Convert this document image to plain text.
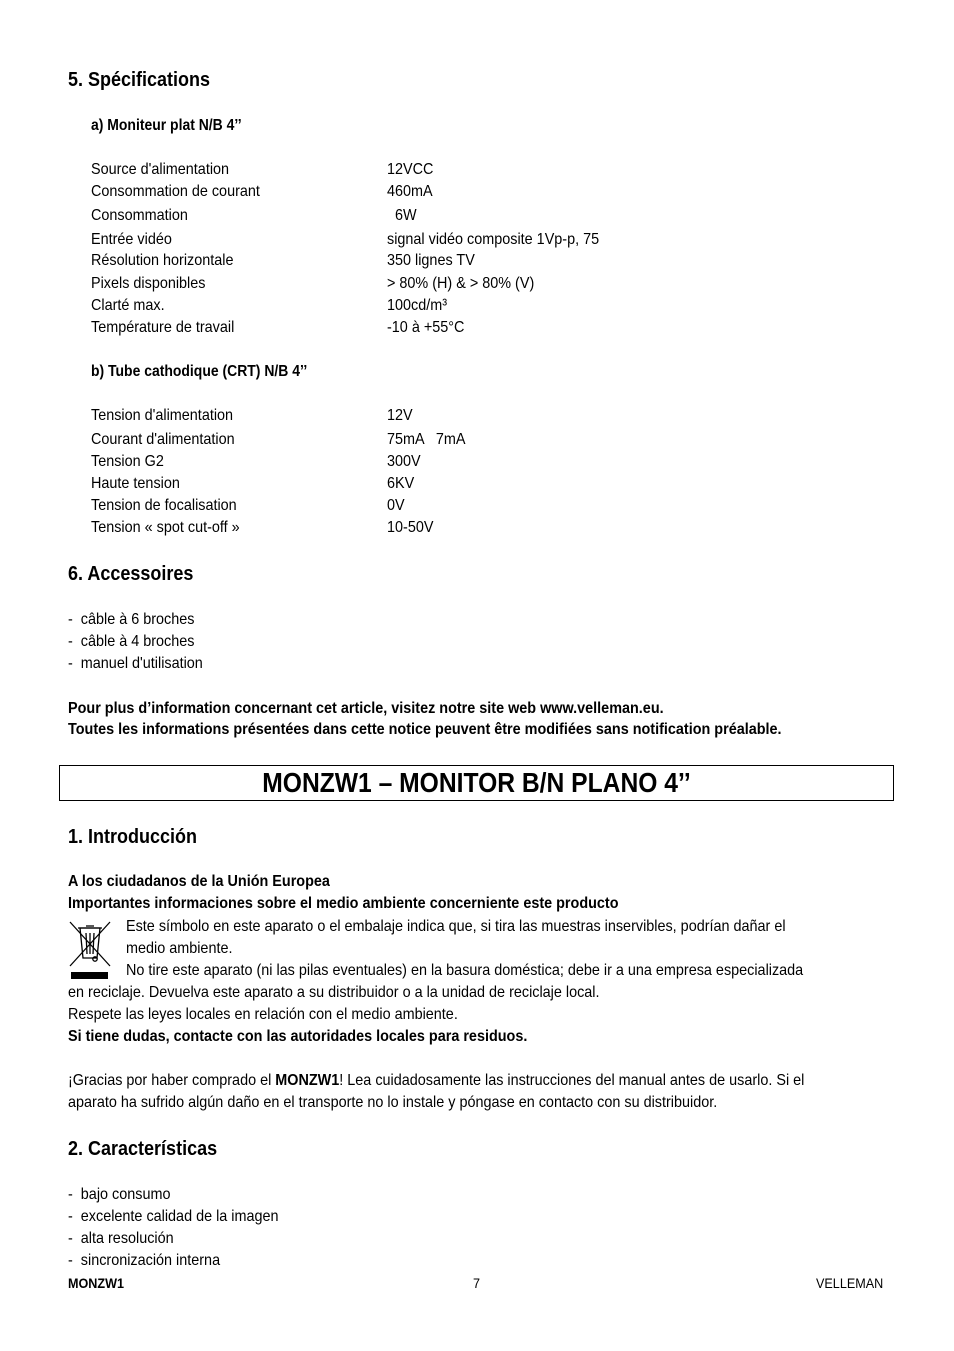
5. Spécifications
a) Moniteur plat N/B 4’’
Source d'alimentation	12VCC
Consommation de courant	460mA
Consommation	6W
Entrée vidéo	signal vidéo composite 1Vp-p, 75
Résolution horizontale	350 lignes TV
Pixels disponibles	> 80% (H) & > 80% (V)
Clarté max.	100cd/m³
Température de travail	-10 à +55°C
b) Tube cathodique (CRT) N/B 4’’
Tension d'alimentation	12V
Courant d'alimentation	75mA   7mA
Tension G2	300V
Haute tension	6KV
Tension de focalisation	0V
Tension « spot cut-off »	10-50V
6. Accessoires
-  câble à 6 broches
-  câble à 4 broches
-  manuel d'utilisation
Pour plus d’information concernant cet article, visitez notre site web www.velleman.eu.
Toutes les informations présentées dans cette notice peuvent être modifiées sans notification préalable.
MONZW1 – MONITOR B/N PLANO 4’’
1. Introducción
A los ciudadanos de la Unión Europea
Importantes informaciones sobre el medio ambiente concerniente este producto
Este símbolo en este aparato o el embalaje indica que, si tira las muestras inservibles, podrían dañar el
medio ambiente.
No tire este aparato (ni las pilas eventuales) en la basura doméstica; debe ir a una empresa especializada
en reciclaje. Devuelva este aparato a su distribuidor o a la unidad de reciclaje local.
Respete las leyes locales en relación con el medio ambiente.
Si tiene dudas, contacte con las autoridades locales para residuos.
¡Gracias por haber comprado el MONZW1! Lea cuidadosamente las instrucciones del manual antes de usarlo. Si el
aparato ha sufrido algún daño en el transporte no lo instale y póngase en contacto con su distribuidor.
2. Características
-  bajo consumo
-  excelente calidad de la imagen
-  alta resolución
-  sincronización interna
MONZW1	7	VELLEMAN
